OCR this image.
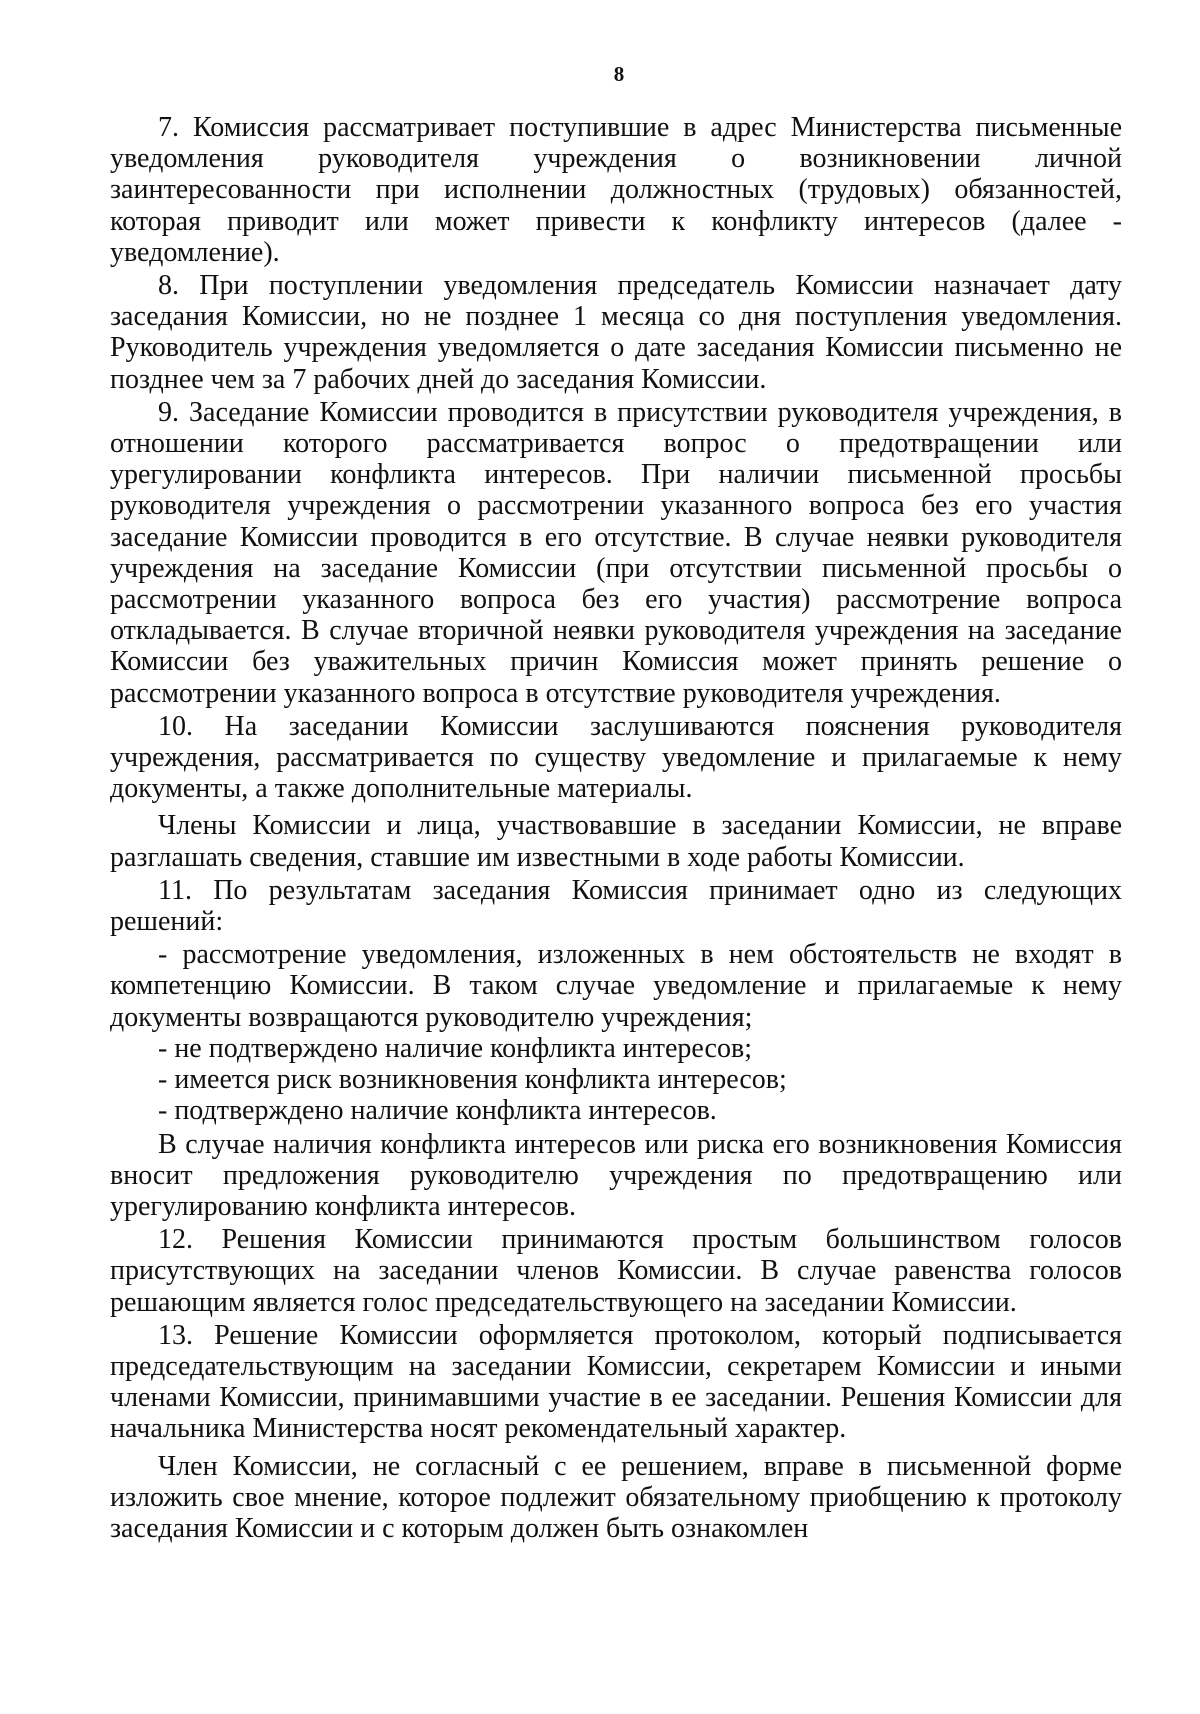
8

7. Комиссия рассматривает поступившие в адрес Министерства письменные уведомления руководителя учреждения о возникновении личной заинтересованности при исполнении должностных (трудовых) обязанностей, которая приводит или может привести к конфликту интересов (далее - уведомление).

8. При поступлении уведомления председатель Комиссии назначает дату заседания Комиссии, но не позднее 1 месяца со дня поступления уведомления. Руководитель учреждения уведомляется о дате заседания Комиссии письменно не позднее чем за 7 рабочих дней до заседания Комиссии.

9. Заседание Комиссии проводится в присутствии руководителя учреждения, в отношении которого рассматривается вопрос о предотвращении или урегулировании конфликта интересов. При наличии письменной просьбы руководителя учреждения о рассмотрении указанного вопроса без его участия заседание Комиссии проводится в его отсутствие. В случае неявки руководителя учреждения на заседание Комиссии (при отсутствии письменной просьбы о рассмотрении указанного вопроса без его участия) рассмотрение вопроса откладывается. В случае вторичной неявки руководителя учреждения на заседание Комиссии без уважительных причин Комиссия может принять решение о рассмотрении указанного вопроса в отсутствие руководителя учреждения.

10. На заседании Комиссии заслушиваются пояснения руководителя учреждения, рассматривается по существу уведомление и прилагаемые к нему документы, а также дополнительные материалы.

Члены Комиссии и лица, участвовавшие в заседании Комиссии, не вправе разглашать сведения, ставшие им известными в ходе работы Комиссии.

11. По результатам заседания Комиссия принимает одно из следующих решений:

- рассмотрение уведомления, изложенных в нем обстоятельств не входят в компетенцию Комиссии. В таком случае уведомление и прилагаемые к нему документы возвращаются руководителю учреждения;

- не подтверждено наличие конфликта интересов;

- имеется риск возникновения конфликта интересов;

- подтверждено наличие конфликта интересов.

В случае наличия конфликта интересов или риска его возникновения Комиссия вносит предложения руководителю учреждения по предотвращению или урегулированию конфликта интересов.

12. Решения Комиссии принимаются простым большинством голосов присутствующих на заседании членов Комиссии. В случае равенства голосов решающим является голос председательствующего на заседании Комиссии.

13. Решение Комиссии оформляется протоколом, который подписывается председательствующим на заседании Комиссии, секретарем Комиссии и иными членами Комиссии, принимавшими участие в ее заседании. Решения Комиссии для начальника Министерства носят рекомендательный характер.

Член Комиссии, не согласный с ее решением, вправе в письменной форме изложить свое мнение, которое подлежит обязательному приобщению к протоколу заседания Комиссии и с которым должен быть ознакомлен
